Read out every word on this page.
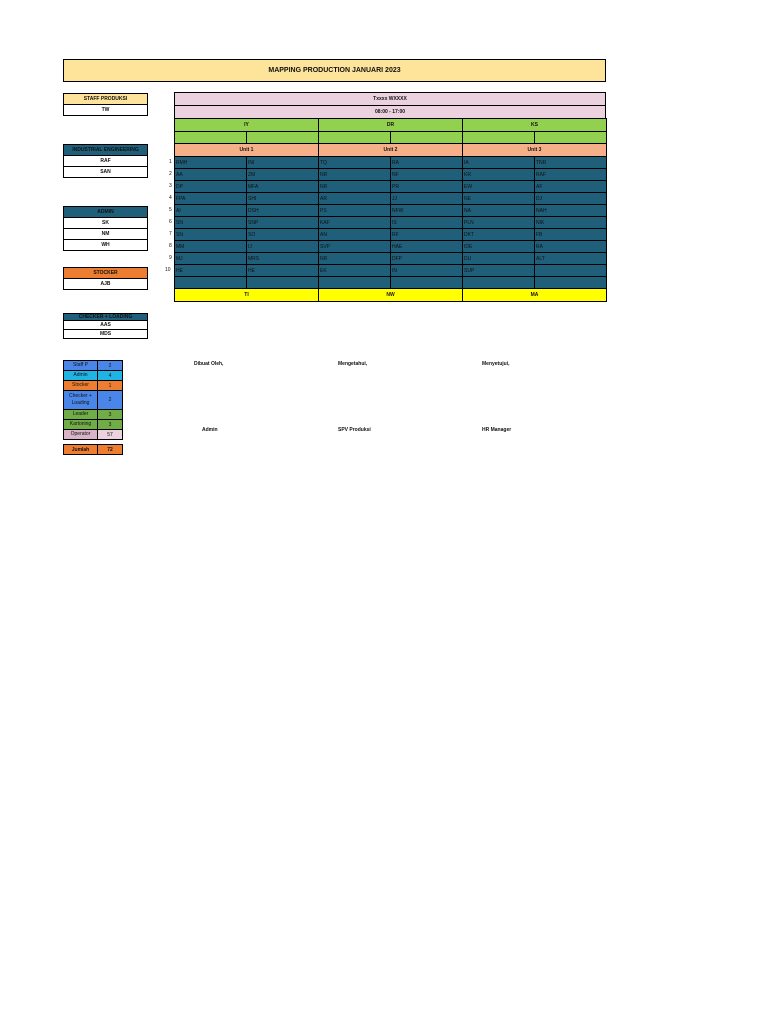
MAPPING PRODUCTION JANUARI 2023
STAFF PRODUKSI
TW
INDUSTRIAL ENGINEERING
RAF
SAN
ADMIN
SK
NM
WH
STOCKER
AJB
CHECKER + LOADING
AAS
MDS
Txxxx WXXXX
08:00 - 17:00
IY	DR	KS
Unit 1	Unit 2	Unit 3
1 RMH	INI	TQ	RA	IA	TNR
2 AA	ZM	NR	NF	KR	RAF
3 DP	MFA	NR	PR	EW	AF
4 FPA	SHI	AR	JJ	NE	DJ
5 AI	DSH	PS	NFW	NA	NAH
6 SN	SNP	KAF	IS	PLN	NIK
7 SN	SO	AN	RF	DKT	FB
8 MM	IJ	SVP	HAE	IDE	RA
9 MJ	MRS	NR	DFP	DU	ALT
10	HE	HE	EK	IN	SUP
TI	NW	MA
Staff P	2
Admin	4
Stocker	1
Checker + Loading	2
Leader	3
Kartoning	3
Operator	57
Jumlah	72
Dibuat Oleh,	Mengetahui,	Menyetujui,
Admin	SPV Produksi	HR Manager
